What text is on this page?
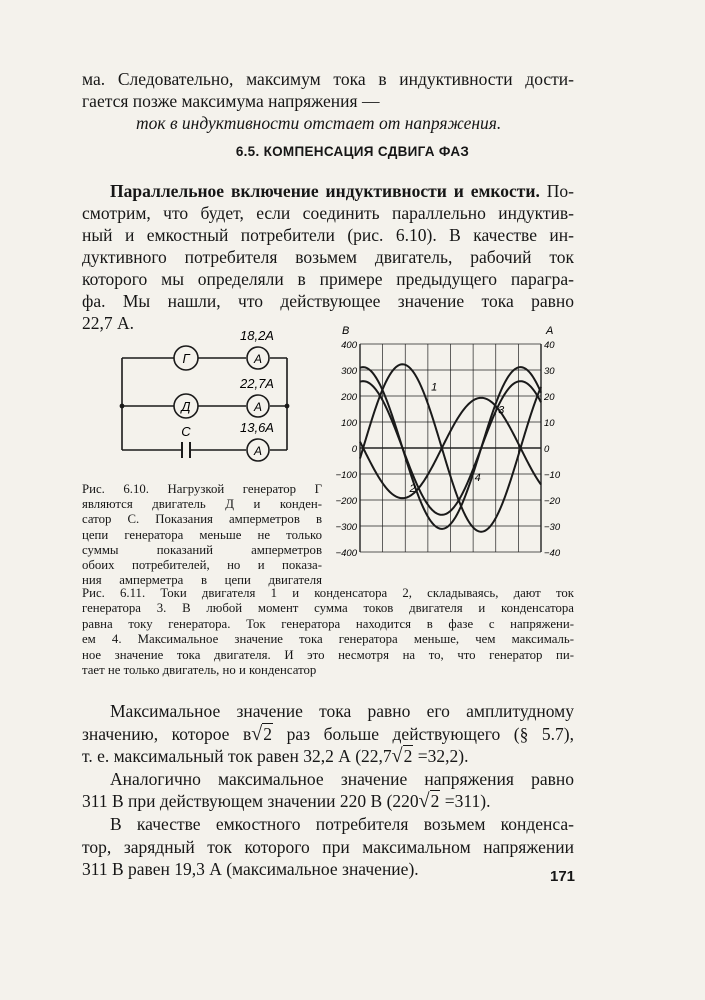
ма. Следовательно, максимум тока в индуктивности дости-
гается позже максимума напряжения —
ток в индуктивности отстает от напряжения.

6.5. КОМПЕНСАЦИЯ СДВИГА ФАЗ

Параллельное включение индуктивности и емкости. По-
смотрим, что будет, если соединить параллельно индуктив-
ный и емкостный потребители (рис. 6.10). В качестве ин-
дуктивного потребителя возьмем двигатель, рабочий ток
которого мы определяли в примере предыдущего парагра-
фа. Мы нашли, что действующее значение тока равно
22,7 А.

Г
Д
С
А
А
А
18,2А
22,7А
13,6А
В	А
400
300
200
100
0
−100
−200
−300
−400
40
30
20
10
0
−10
−20
−30
−40
1
2
3
4

Рис. 6.10. Нагрузкой генератор Г
являются двигатель Д и конден-
сатор С. Показания амперметров в
цепи генератора меньше не только
суммы показаний амперметров
обоих потребителей, но и показа-
ния амперметра в цепи двигателя

Рис. 6.11. Токи двигателя 1 и конденсатора 2, складываясь, дают ток
генератора 3. В любой момент сумма токов двигателя и конденсатора
равна току генератора. Ток генератора находится в фазе с напряжени-
ем 4. Максимальное значение тока генератора меньше, чем максималь-
ное значение тока двигателя. И это несмотря на то, что генератор пи-
тает не только двигатель, но и конденсатор

Максимальное значение тока равно его амплитудному
значению, которое в√2 раз больше действующего (§ 5.7),
т. е. максимальный ток равен 32,2 А (22,7√2 =32,2).
Аналогично максимальное значение напряжения равно
311 В при действующем значении 220 В (220√2 =311).
В качестве емкостного потребителя возьмем конденса-
тор, зарядный ток которого при максимальном напряжении
311 В равен 19,3 А (максимальное значение).	171
